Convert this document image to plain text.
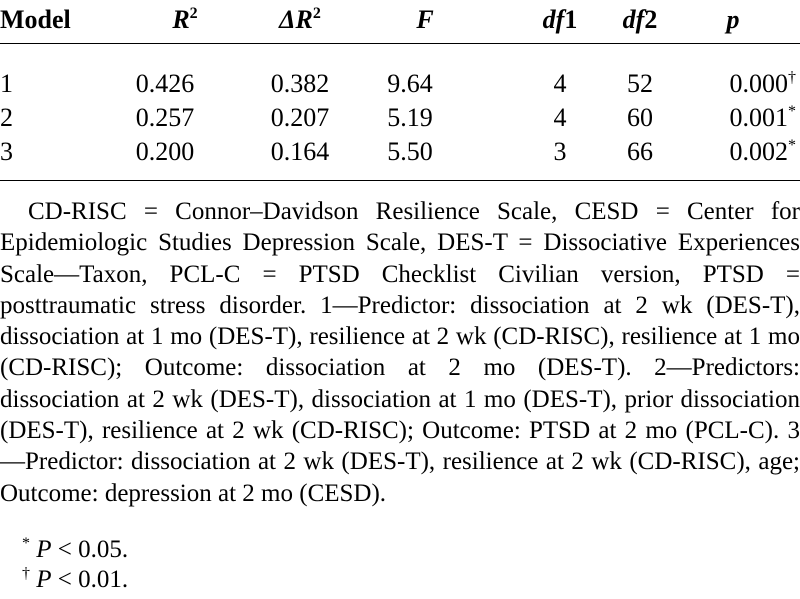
Model	$R^2$	$\Delta R^2$	F	df1	df2	p
1	0.426	0.382	9.64	4	52	0.000†
2	0.257	0.207	5.19	4	60	0.001*
3	0.200	0.164	5.50	3	66	0.002*
CD-RISC = Connor–Davidson Resilience Scale, CESD = Center for Epidemiologic Studies Depression Scale, DES-T = Dissociative Experiences Scale—Taxon, PCL-C = PTSD Checklist Civilian version, PTSD = posttraumatic stress disorder. 1—Predictor: dissociation at 2 wk (DES-T), dissociation at 1 mo (DES-T), resilience at 2 wk (CD-RISC), resilience at 1 mo (CD-RISC); Outcome: dissociation at 2 mo (DES-T). 2—Predictors: dissociation at 2 wk (DES-T), dissociation at 1 mo (DES-T), prior dissociation (DES-T), resilience at 2 wk (CD-RISC); Outcome: PTSD at 2 mo (PCL-C). 3—Predictor: dissociation at 2 wk (DES-T), resilience at 2 wk (CD-RISC), age; Outcome: depression at 2 mo (CESD).
* P < 0.05.
† P < 0.01.
